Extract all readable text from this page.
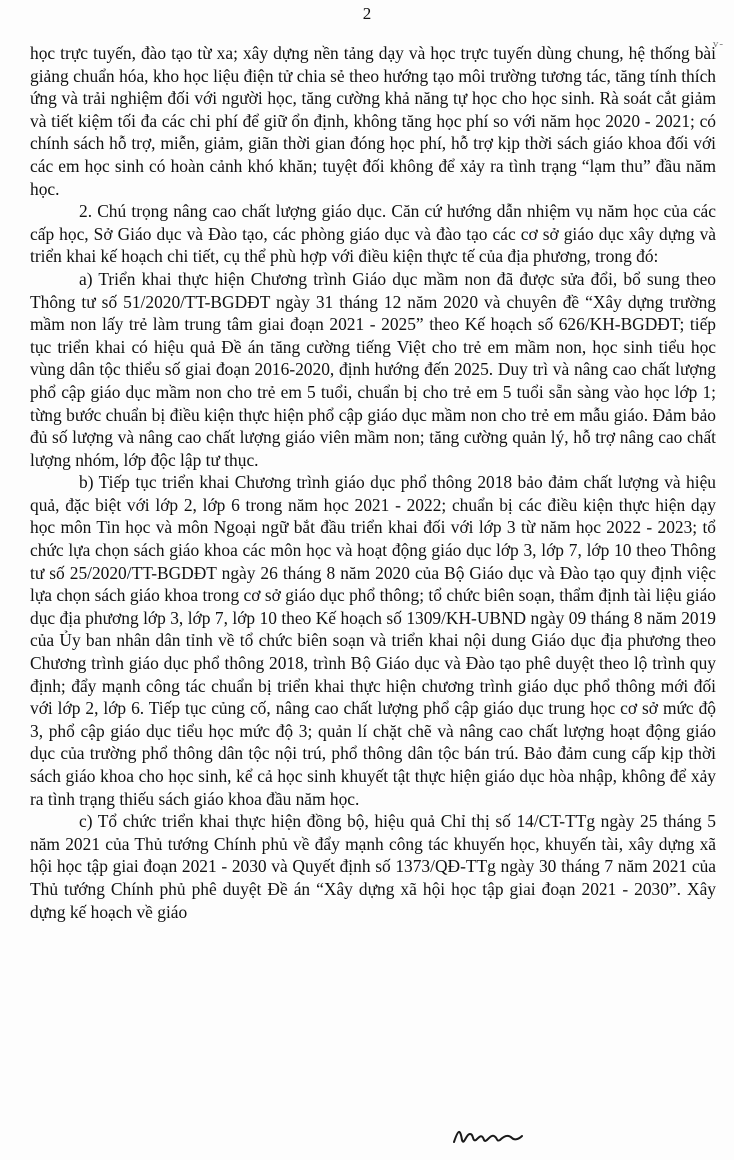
2
v-

học trực tuyến, đào tạo từ xa; xây dựng nền tảng dạy và học trực tuyến dùng chung, hệ thống bài giảng chuẩn hóa, kho học liệu điện tử chia sẻ theo hướng tạo môi trường tương tác, tăng tính thích ứng và trải nghiệm đối với người học, tăng cường khả năng tự học cho học sinh. Rà soát cắt giảm và tiết kiệm tối đa các chi phí để giữ ổn định, không tăng học phí so với năm học 2020 - 2021; có chính sách hỗ trợ, miễn, giảm, giãn thời gian đóng học phí, hỗ trợ kịp thời sách giáo khoa đối với các em học sinh có hoàn cảnh khó khăn; tuyệt đối không để xảy ra tình trạng “lạm thu” đầu năm học.

2. Chú trọng nâng cao chất lượng giáo dục. Căn cứ hướng dẫn nhiệm vụ năm học của các cấp học, Sở Giáo dục và Đào tạo, các phòng giáo dục và đào tạo các cơ sở giáo dục xây dựng và triển khai kế hoạch chi tiết, cụ thể phù hợp với điều kiện thực tế của địa phương, trong đó:

a) Triển khai thực hiện Chương trình Giáo dục mầm non đã được sửa đổi, bổ sung theo Thông tư số 51/2020/TT-BGDĐT ngày 31 tháng 12 năm 2020 và chuyên đề “Xây dựng trường mầm non lấy trẻ làm trung tâm giai đoạn 2021 - 2025” theo Kế hoạch số 626/KH-BGDĐT; tiếp tục triển khai có hiệu quả Đề án tăng cường tiếng Việt cho trẻ em mầm non, học sinh tiểu học vùng dân tộc thiểu số giai đoạn 2016-2020, định hướng đến 2025. Duy trì và nâng cao chất lượng phổ cập giáo dục mầm non cho trẻ em 5 tuổi, chuẩn bị cho trẻ em 5 tuổi sẵn sàng vào học lớp 1; từng bước chuẩn bị điều kiện thực hiện phổ cập giáo dục mầm non cho trẻ em mẫu giáo. Đảm bảo đủ số lượng và nâng cao chất lượng giáo viên mầm non; tăng cường quản lý, hỗ trợ nâng cao chất lượng nhóm, lớp độc lập tư thục.

b) Tiếp tục triển khai Chương trình giáo dục phổ thông 2018 bảo đảm chất lượng và hiệu quả, đặc biệt với lớp 2, lớp 6 trong năm học 2021 - 2022; chuẩn bị các điều kiện thực hiện dạy học môn Tin học và môn Ngoại ngữ bắt đầu triển khai đối với lớp 3 từ năm học 2022 - 2023; tổ chức lựa chọn sách giáo khoa các môn học và hoạt động giáo dục lớp 3, lớp 7, lớp 10 theo Thông tư số 25/2020/TT-BGDĐT ngày 26 tháng 8 năm 2020 của Bộ Giáo dục và Đào tạo quy định việc lựa chọn sách giáo khoa trong cơ sở giáo dục phổ thông; tổ chức biên soạn, thẩm định tài liệu giáo dục địa phương lớp 3, lớp 7, lớp 10 theo Kế hoạch số 1309/KH-UBND ngày 09 tháng 8 năm 2019 của Ủy ban nhân dân tỉnh về tổ chức biên soạn và triển khai nội dung Giáo dục địa phương theo Chương trình giáo dục phổ thông 2018, trình Bộ Giáo dục và Đào tạo phê duyệt theo lộ trình quy định; đẩy mạnh công tác chuẩn bị triển khai thực hiện chương trình giáo dục phổ thông mới đối với lớp 2, lớp 6. Tiếp tục củng cố, nâng cao chất lượng phổ cập giáo dục trung học cơ sở mức độ 3, phổ cập giáo dục tiểu học mức độ 3; quản lí chặt chẽ và nâng cao chất lượng hoạt động giáo dục của trường phổ thông dân tộc nội trú, phổ thông dân tộc bán trú. Bảo đảm cung cấp kịp thời sách giáo khoa cho học sinh, kể cả học sinh khuyết tật thực hiện giáo dục hòa nhập, không để xảy ra tình trạng thiếu sách giáo khoa đầu năm học.

c) Tổ chức triển khai thực hiện đồng bộ, hiệu quả Chỉ thị số 14/CT-TTg ngày 25 tháng 5 năm 2021 của Thủ tướng Chính phủ về đẩy mạnh công tác khuyến học, khuyến tài, xây dựng xã hội học tập giai đoạn 2021 - 2030 và Quyết định số 1373/QĐ-TTg ngày 30 tháng 7 năm 2021 của Thủ tướng Chính phủ phê duyệt Đề án “Xây dựng xã hội học tập giai đoạn 2021 - 2030”. Xây dựng kế hoạch về giáo
